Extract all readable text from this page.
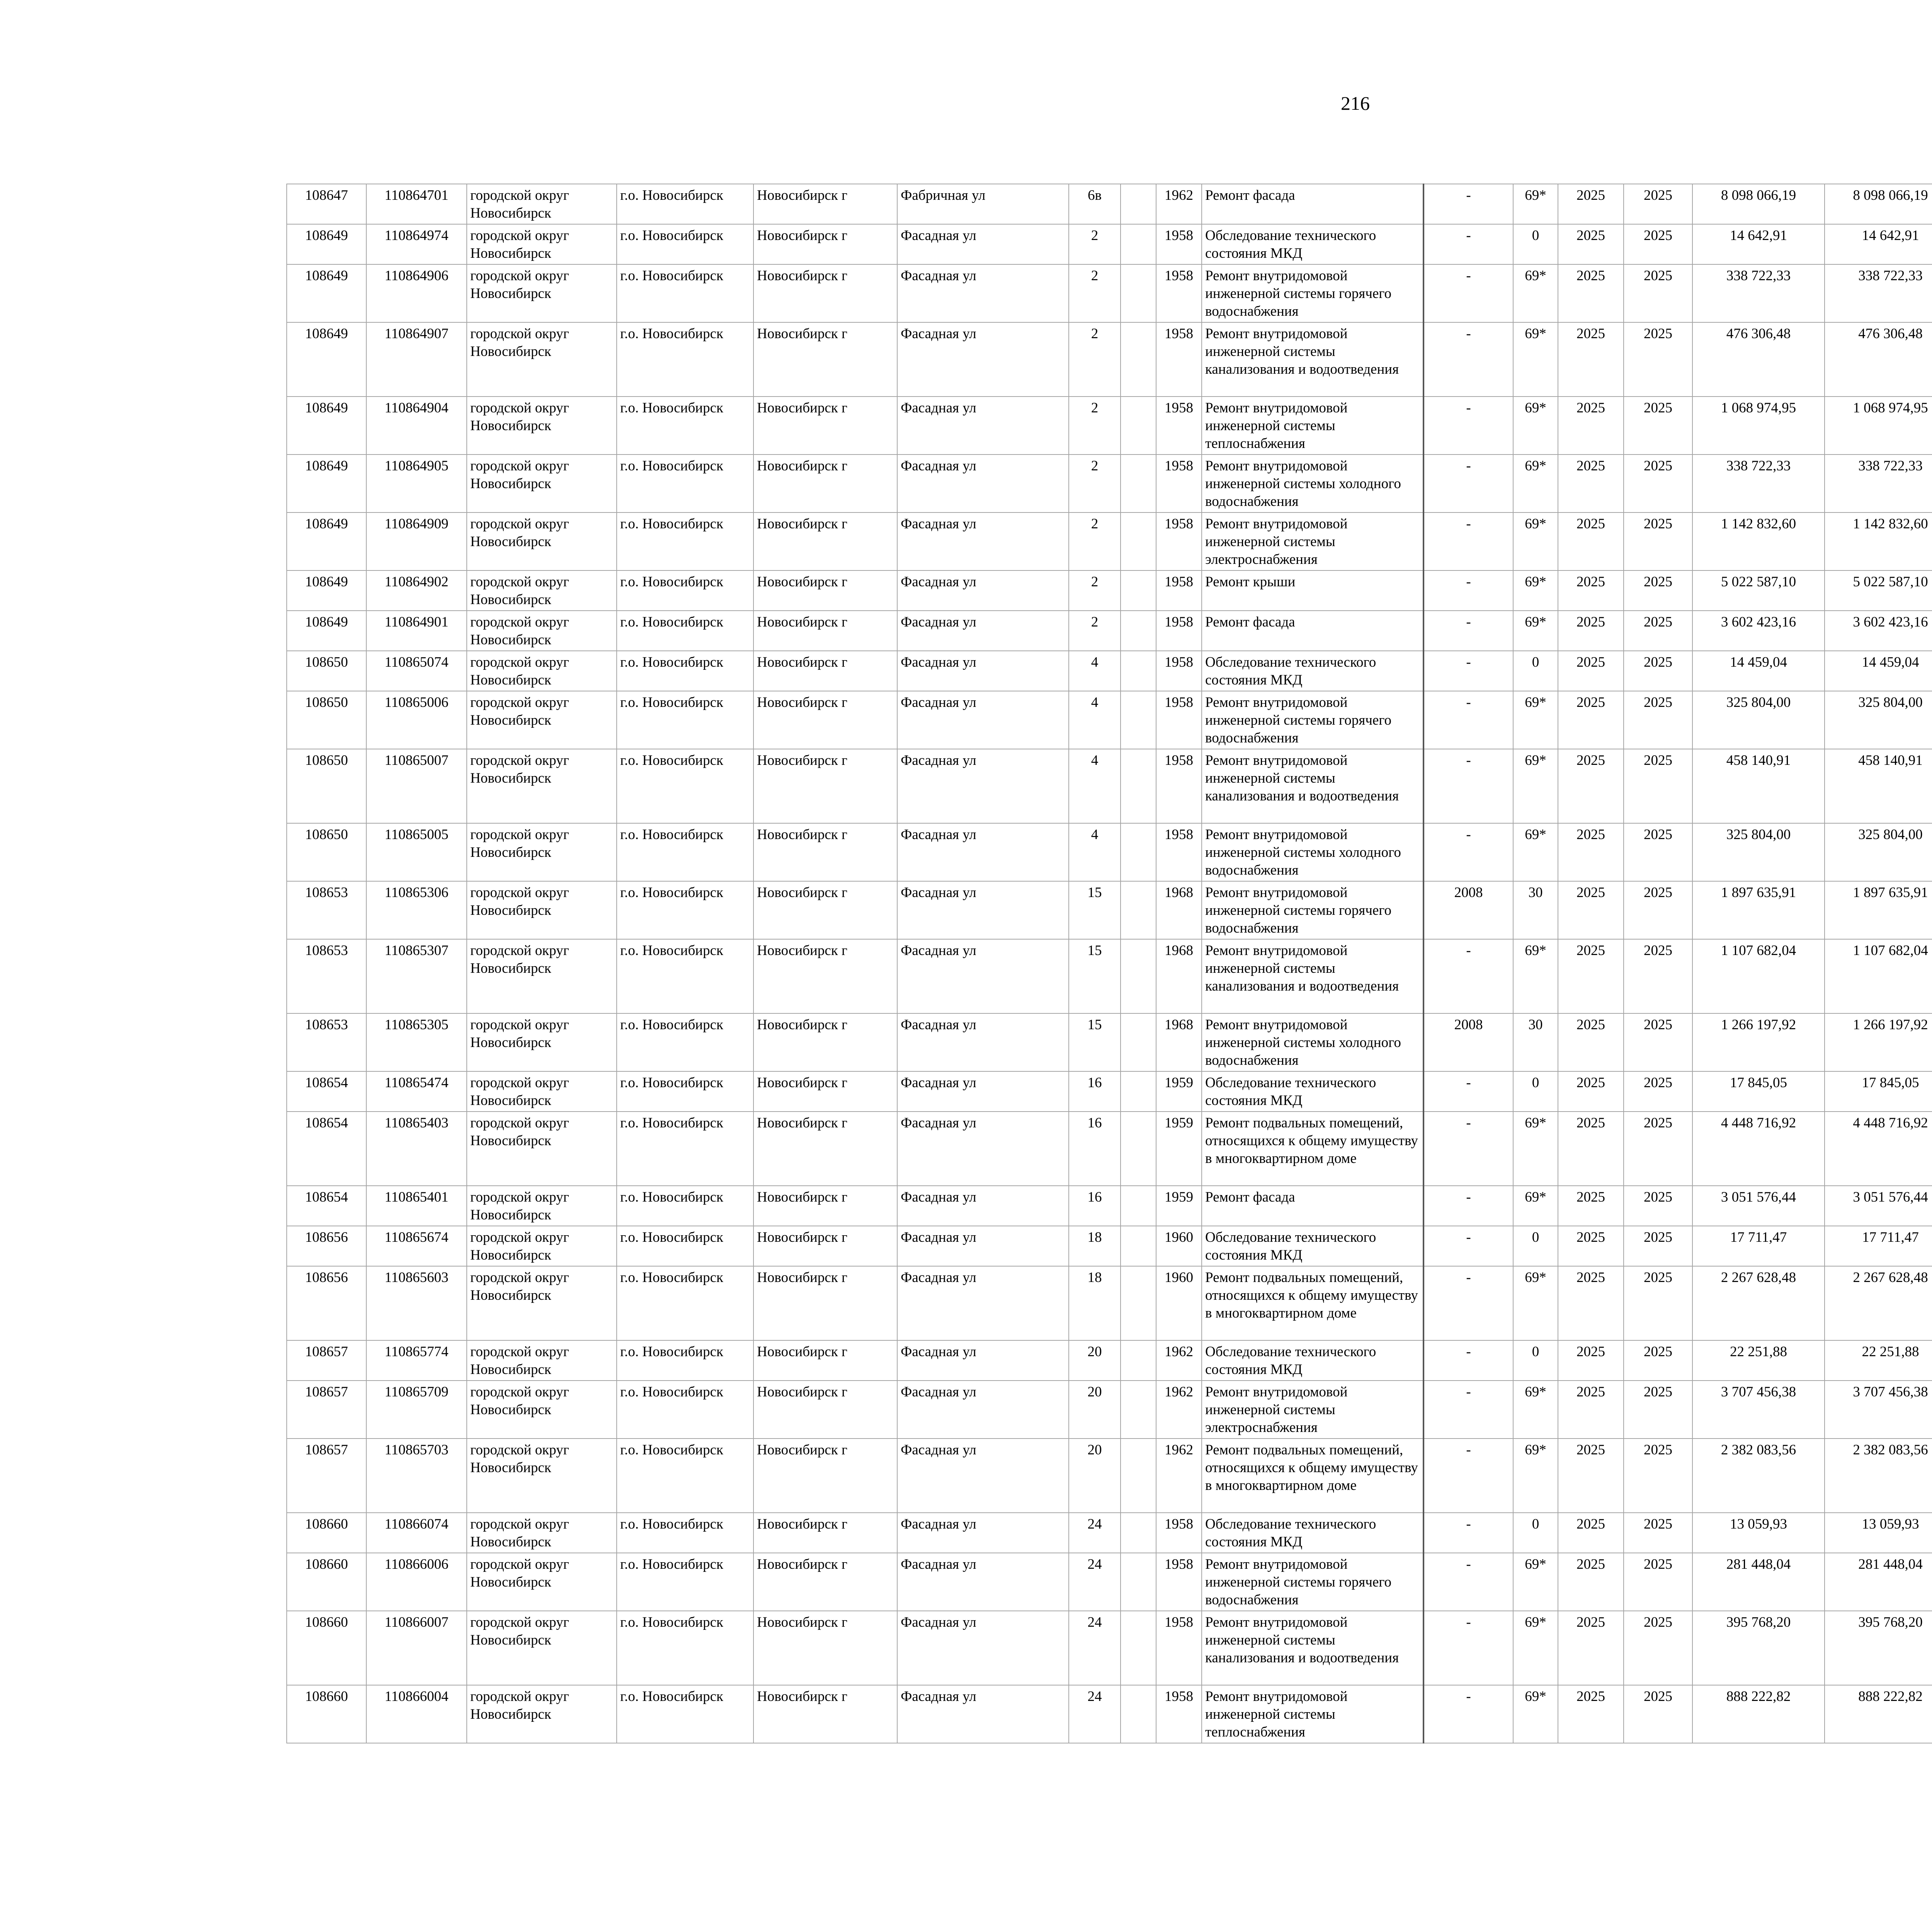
216
108647	110864701	городской округ Новосибирск	г.о. Новосибирск	Новосибирск г	Фабричная ул	6в		1962	Ремонт фасада	-	69*	2025	2025	8 098 066,19	8 098 066,19						
108649	110864974	городской округ Новосибирск	г.о. Новосибирск	Новосибирск г	Фасадная ул	2		1958	Обследование технического состояния МКД	-	0	2025	2025	14 642,91	14 642,91						
108649	110864906	городской округ Новосибирск	г.о. Новосибирск	Новосибирск г	Фасадная ул	2		1958	Ремонт внутридомовой инженерной системы горячего водоснабжения	-	69*	2025	2025	338 722,33	338 722,33						
108649	110864907	городской округ Новосибирск	г.о. Новосибирск	Новосибирск г	Фасадная ул	2		1958	Ремонт внутридомовой инженерной системы канализования и водоотведения	-	69*	2025	2025	476 306,48	476 306,48						
108649	110864904	городской округ Новосибирск	г.о. Новосибирск	Новосибирск г	Фасадная ул	2		1958	Ремонт внутридомовой инженерной системы теплоснабжения	-	69*	2025	2025	1 068 974,95	1 068 974,95						
108649	110864905	городской округ Новосибирск	г.о. Новосибирск	Новосибирск г	Фасадная ул	2		1958	Ремонт внутридомовой инженерной системы холодного водоснабжения	-	69*	2025	2025	338 722,33	338 722,33						
108649	110864909	городской округ Новосибирск	г.о. Новосибирск	Новосибирск г	Фасадная ул	2		1958	Ремонт внутридомовой инженерной системы электроснабжения	-	69*	2025	2025	1 142 832,60	1 142 832,60						
108649	110864902	городской округ Новосибирск	г.о. Новосибирск	Новосибирск г	Фасадная ул	2		1958	Ремонт крыши	-	69*	2025	2025	5 022 587,10	5 022 587,10						
108649	110864901	городской округ Новосибирск	г.о. Новосибирск	Новосибирск г	Фасадная ул	2		1958	Ремонт фасада	-	69*	2025	2025	3 602 423,16	3 602 423,16						
108650	110865074	городской округ Новосибирск	г.о. Новосибирск	Новосибирск г	Фасадная ул	4		1958	Обследование технического состояния МКД	-	0	2025	2025	14 459,04	14 459,04						
108650	110865006	городской округ Новосибирск	г.о. Новосибирск	Новосибирск г	Фасадная ул	4		1958	Ремонт внутридомовой инженерной системы горячего водоснабжения	-	69*	2025	2025	325 804,00	325 804,00						
108650	110865007	городской округ Новосибирск	г.о. Новосибирск	Новосибирск г	Фасадная ул	4		1958	Ремонт внутридомовой инженерной системы канализования и водоотведения	-	69*	2025	2025	458 140,91	458 140,91						
108650	110865005	городской округ Новосибирск	г.о. Новосибирск	Новосибирск г	Фасадная ул	4		1958	Ремонт внутридомовой инженерной системы холодного водоснабжения	-	69*	2025	2025	325 804,00	325 804,00						
108653	110865306	городской округ Новосибирск	г.о. Новосибирск	Новосибирск г	Фасадная ул	15		1968	Ремонт внутридомовой инженерной системы горячего водоснабжения	2008	30	2025	2025	1 897 635,91	1 897 635,91						
108653	110865307	городской округ Новосибирск	г.о. Новосибирск	Новосибирск г	Фасадная ул	15		1968	Ремонт внутридомовой инженерной системы канализования и водоотведения	-	69*	2025	2025	1 107 682,04	1 107 682,04						
108653	110865305	городской округ Новосибирск	г.о. Новосибирск	Новосибирск г	Фасадная ул	15		1968	Ремонт внутридомовой инженерной системы холодного водоснабжения	2008	30	2025	2025	1 266 197,92	1 266 197,92						
108654	110865474	городской округ Новосибирск	г.о. Новосибирск	Новосибирск г	Фасадная ул	16		1959	Обследование технического состояния МКД	-	0	2025	2025	17 845,05	17 845,05						
108654	110865403	городской округ Новосибирск	г.о. Новосибирск	Новосибирск г	Фасадная ул	16		1959	Ремонт подвальных помещений, относящихся к общему имуществу в многоквартирном доме	-	69*	2025	2025	4 448 716,92	4 448 716,92						
108654	110865401	городской округ Новосибирск	г.о. Новосибирск	Новосибирск г	Фасадная ул	16		1959	Ремонт фасада	-	69*	2025	2025	3 051 576,44	3 051 576,44						
108656	110865674	городской округ Новосибирск	г.о. Новосибирск	Новосибирск г	Фасадная ул	18		1960	Обследование технического состояния МКД	-	0	2025	2025	17 711,47	17 711,47						
108656	110865603	городской округ Новосибирск	г.о. Новосибирск	Новосибирск г	Фасадная ул	18		1960	Ремонт подвальных помещений, относящихся к общему имуществу в многоквартирном доме	-	69*	2025	2025	2 267 628,48	2 267 628,48						
108657	110865774	городской округ Новосибирск	г.о. Новосибирск	Новосибирск г	Фасадная ул	20		1962	Обследование технического состояния МКД	-	0	2025	2025	22 251,88	22 251,88						
108657	110865709	городской округ Новосибирск	г.о. Новосибирск	Новосибирск г	Фасадная ул	20		1962	Ремонт внутридомовой инженерной системы электроснабжения	-	69*	2025	2025	3 707 456,38	3 707 456,38						
108657	110865703	городской округ Новосибирск	г.о. Новосибирск	Новосибирск г	Фасадная ул	20		1962	Ремонт подвальных помещений, относящихся к общему имуществу в многоквартирном доме	-	69*	2025	2025	2 382 083,56	2 382 083,56						
108660	110866074	городской округ Новосибирск	г.о. Новосибирск	Новосибирск г	Фасадная ул	24		1958	Обследование технического состояния МКД	-	0	2025	2025	13 059,93	13 059,93						
108660	110866006	городской округ Новосибирск	г.о. Новосибирск	Новосибирск г	Фасадная ул	24		1958	Ремонт внутридомовой инженерной системы горячего водоснабжения	-	69*	2025	2025	281 448,04	281 448,04						
108660	110866007	городской округ Новосибирск	г.о. Новосибирск	Новосибирск г	Фасадная ул	24		1958	Ремонт внутридомовой инженерной системы канализования и водоотведения	-	69*	2025	2025	395 768,20	395 768,20						
108660	110866004	городской округ Новосибирск	г.о. Новосибирск	Новосибирск г	Фасадная ул	24		1958	Ремонт внутридомовой инженерной системы теплоснабжения	-	69*	2025	2025	888 222,82	888 222,82						
